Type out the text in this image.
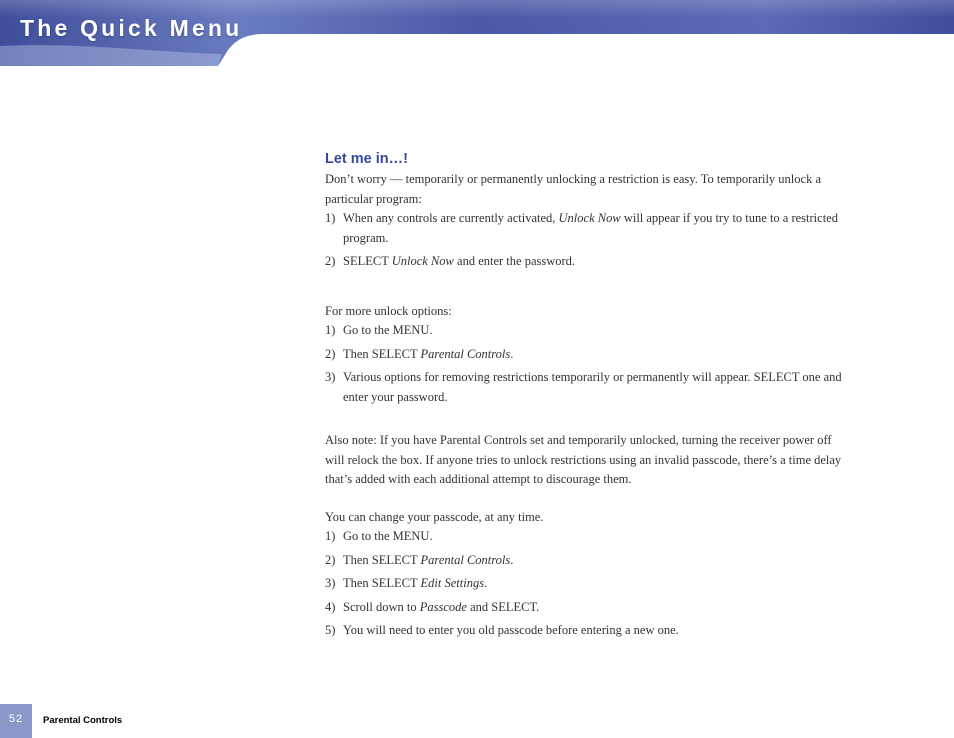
The Quick Menu
Let me in…!

Don’t worry — temporarily or permanently unlocking a restriction is easy. To temporarily unlock a particular program:

1) When any controls are currently activated, Unlock Now will appear if you try to tune to a restricted program.
2) SELECT Unlock Now and enter the password.

For more unlock options:

1) Go to the MENU.
2) Then SELECT Parental Controls.
3) Various options for removing restrictions temporarily or permanently will appear. SELECT one and enter your password.

Also note: If you have Parental Controls set and temporarily unlocked, turning the receiver power off will relock the box. If anyone tries to unlock restrictions using an invalid passcode, there’s a time delay that’s added with each additional attempt to discourage them.

You can change your passcode, at any time.

1) Go to the MENU.
2) Then SELECT Parental Controls.
3) Then SELECT Edit Settings.
4) Scroll down to Passcode and SELECT.
5) You will need to enter you old passcode before entering a new one.
52	Parental Controls
